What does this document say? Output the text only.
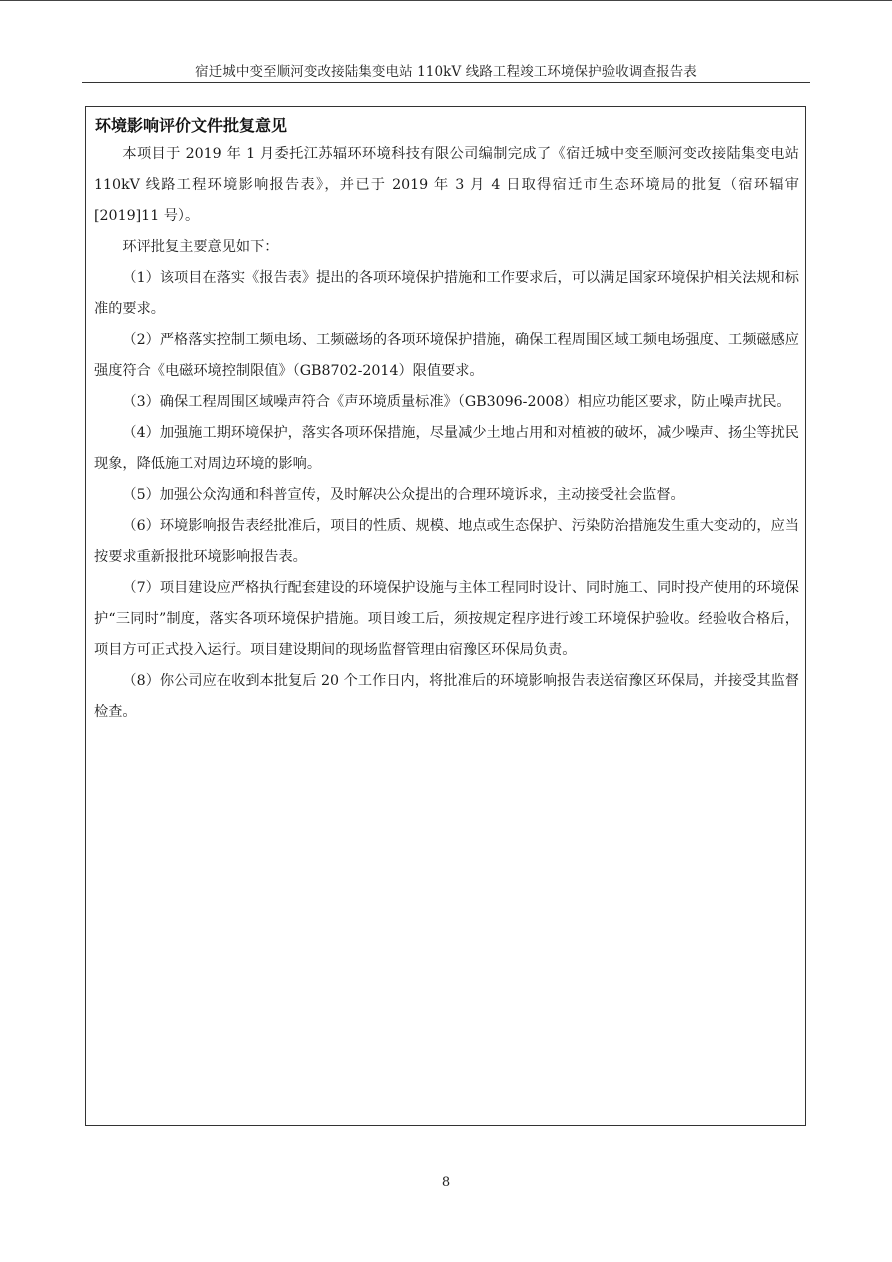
宿迁城中变至顺河变改接陆集变电站 110kV 线路工程竣工环境保护验收调查报告表
环境影响评价文件批复意见

本项目于 2019 年 1 月委托江苏辐环环境科技有限公司编制完成了《宿迁城中变至顺河变改接陆集变电站 110kV 线路工程环境影响报告表》，并已于 2019 年 3 月 4 日取得宿迁市生态环境局的批复（宿环辐审[2019]11 号）。

环评批复主要意见如下：

（1）该项目在落实《报告表》提出的各项环境保护措施和工作要求后，可以满足国家环境保护相关法规和标准的要求。

（2）严格落实控制工频电场、工频磁场的各项环境保护措施，确保工程周围区域工频电场强度、工频磁感应强度符合《电磁环境控制限值》（GB8702-2014）限值要求。

（3）确保工程周围区域噪声符合《声环境质量标准》（GB3096-2008）相应功能区要求，防止噪声扰民。

（4）加强施工期环境保护，落实各项环保措施，尽量减少土地占用和对植被的破坏，减少噪声、扬尘等扰民现象，降低施工对周边环境的影响。

（5）加强公众沟通和科普宣传，及时解决公众提出的合理环境诉求，主动接受社会监督。

（6）环境影响报告表经批准后，项目的性质、规模、地点或生态保护、污染防治措施发生重大变动的，应当按要求重新报批环境影响报告表。

（7）项目建设应严格执行配套建设的环境保护设施与主体工程同时设计、同时施工、同时投产使用的环境保护“三同时”制度，落实各项环境保护措施。项目竣工后，须按规定程序进行竣工环境保护验收。经验收合格后，项目方可正式投入运行。项目建设期间的现场监督管理由宿豫区环保局负责。

（8）你公司应在收到本批复后 20 个工作日内，将批准后的环境影响报告表送宿豫区环保局，并接受其监督检查。

8
